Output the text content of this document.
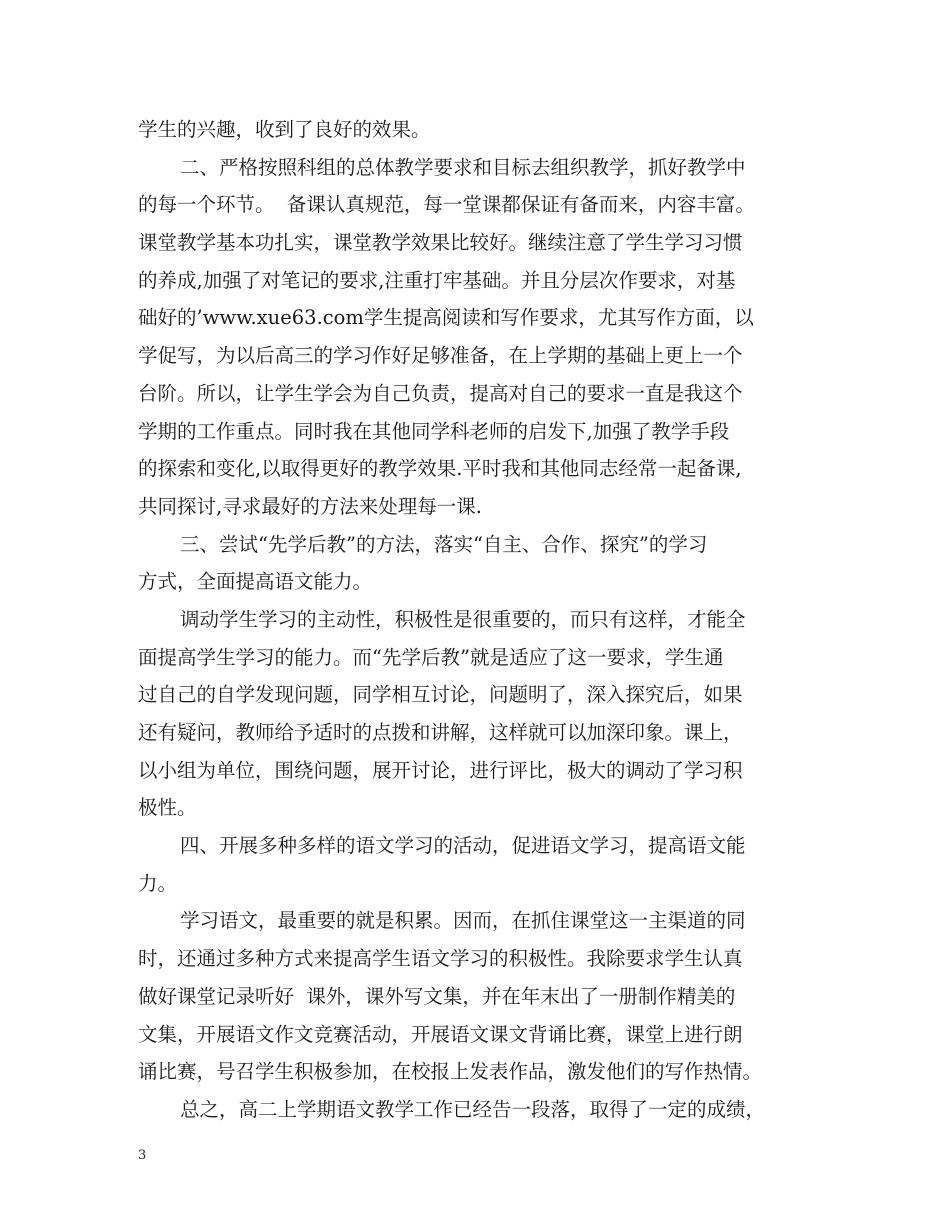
学生的兴趣，收到了良好的效果。
二、严格按照科组的总体教学要求和目标去组织教学，抓好教学中
的每一个环节。  备课认真规范，每一堂课都保证有备而来，内容丰富。
课堂教学基本功扎实，课堂教学效果比较好。继续注意了学生学习习惯
的养成,加强了对笔记的要求,注重打牢基础。并且分层次作要求，对基
础好的’www.xue63.com学生提高阅读和写作要求，尤其写作方面，以
学促写，为以后高三的学习作好足够准备，在上学期的基础上更上一个
台阶。所以，让学生学会为自己负责，提高对自己的要求一直是我这个
学期的工作重点。同时我在其他同学科老师的启发下,加强了教学手段
的探索和变化,以取得更好的教学效果.平时我和其他同志经常一起备课,
共同探讨,寻求最好的方法来处理每一课.
三、尝试“先学后教”的方法，落实“自主、合作、探究”的学习
方式，全面提高语文能力。
调动学生学习的主动性，积极性是很重要的，而只有这样，才能全
面提高学生学习的能力。而“先学后教”就是适应了这一要求，学生通
过自己的自学发现问题，同学相互讨论，问题明了，深入探究后，如果
还有疑问，教师给予适时的点拨和讲解，这样就可以加深印象。课上，
以小组为单位，围绕问题，展开讨论，进行评比，极大的调动了学习积
极性。
四、开展多种多样的语文学习的活动，促进语文学习，提高语文能
力。
学习语文，最重要的就是积累。因而，在抓住课堂这一主渠道的同
时，还通过多种方式来提高学生语文学习的积极性。我除要求学生认真
做好课堂记录听好  课外，课外写文集，并在年末出了一册制作精美的
文集，开展语文作文竞赛活动，开展语文课文背诵比赛，课堂上进行朗
诵比赛，号召学生积极参加，在校报上发表作品，激发他们的写作热情。
总之，高二上学期语文教学工作已经告一段落，取得了一定的成绩，
3
